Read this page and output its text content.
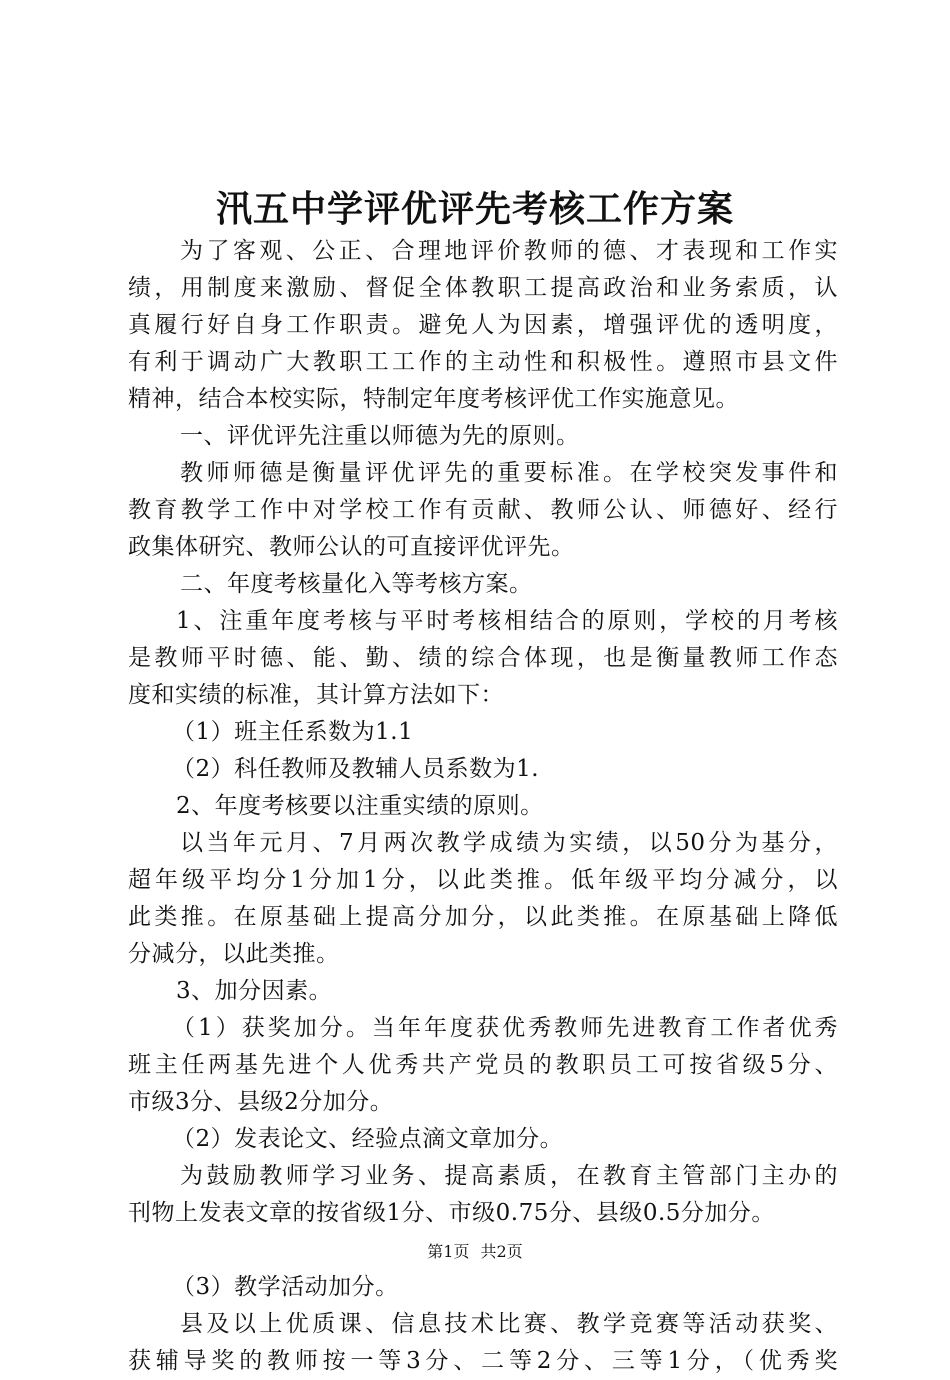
汛五中学评优评先考核工作方案
为了客观、公正、合理地评价教师的德、才表现和工作实
绩，用制度来激励、督促全体教职工提高政治和业务索质，认
真履行好自身工作职责。避免人为因素，增强评优的透明度，
有利于调动广大教职工工作的主动性和积极性。遵照市县文件
精神，结合本校实际，特制定年度考核评优工作实施意见。
一、评优评先注重以师德为先的原则。
教师师德是衡量评优评先的重要标准。在学校突发事件和
教育教学工作中对学校工作有贡献、教师公认、师德好、经行
政集体研究、教师公认的可直接评优评先。
二、年度考核量化入等考核方案。
1、注重年度考核与平时考核相结合的原则，学校的月考核
是教师平时德、能、勤、绩的综合体现，也是衡量教师工作态
度和实绩的标准，其计算方法如下：
（1）班主任系数为1.1
（2）科任教师及教辅人员系数为1.
2、年度考核要以注重实绩的原则。
以当年元月、7月两次教学成绩为实绩，以50分为基分，
超年级平均分1分加1分，以此类推。低年级平均分减分，以
此类推。在原基础上提高分加分，以此类推。在原基础上降低
分减分，以此类推。
3、加分因素。
（1）获奖加分。当年年度获优秀教师先进教育工作者优秀
班主任两基先进个人优秀共产党员的教职员工可按省级5分、
市级3分、县级2分加分。
（2）发表论文、经验点滴文章加分。
为鼓励教师学习业务、提高素质，在教育主管部门主办的
刊物上发表文章的按省级1分、市级0.75分、县级0.5分加分。
（3）教学活动加分。
县及以上优质课、信息技术比赛、教学竞赛等活动获奖、
获辅导奖的教师按一等3分、二等2分、三等1分，（优秀奖
第1页 共2页
